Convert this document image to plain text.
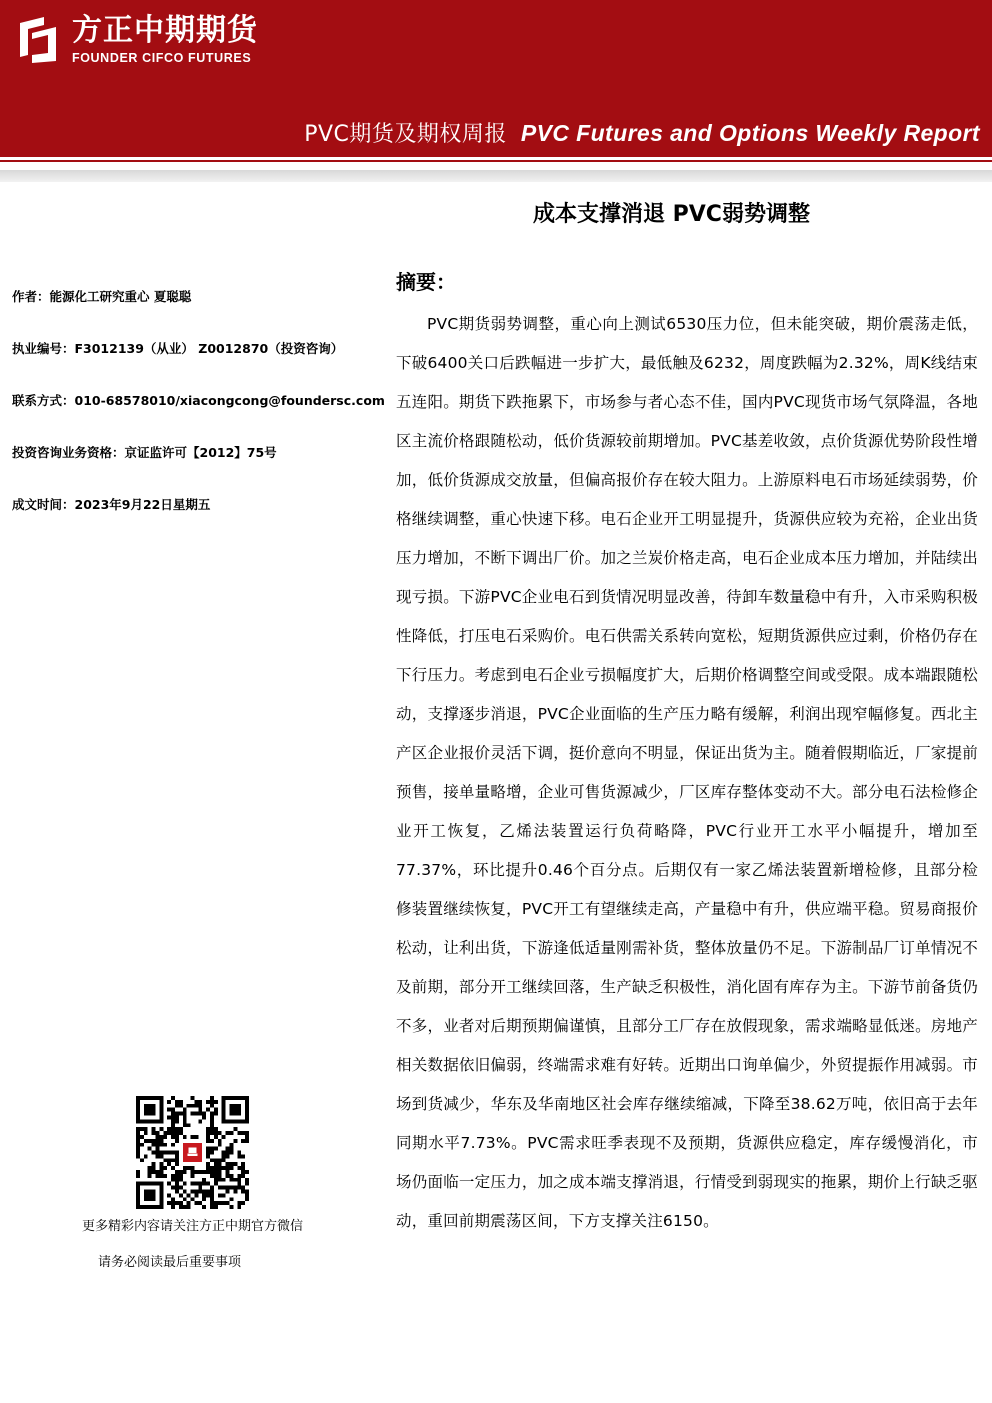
方正中期期货
FOUNDER CIFCO FUTURES
PVC期货及期权周报 PVC Futures and Options Weekly Report
成本支撑消退 PVC弱势调整
作者：能源化工研究重心 夏聪聪
执业编号：F3012139（从业） Z0012870（投资咨询）
联系方式：010-68578010/xiacongcong@foundersc.com
投资咨询业务资格：京证监许可【2012】75号
成文时间：2023年9月22日星期五
更多精彩内容请关注方正中期官方微信
请务必阅读最后重要事项
摘要：
PVC期货弱势调整，重心向上测试6530压力位，但未能突破，期价震荡走低，下破6400关口后跌幅进一步扩大，最低触及6232，周度跌幅为2.32%，周K线结束五连阳。期货下跌拖累下，市场参与者心态不佳，国内PVC现货市场气氛降温，各地区主流价格跟随松动，低价货源较前期增加。PVC基差收敛，点价货源优势阶段性增加，低价货源成交放量，但偏高报价存在较大阻力。上游原料电石市场延续弱势，价格继续调整，重心快速下移。电石企业开工明显提升，货源供应较为充裕，企业出货压力增加，不断下调出厂价。加之兰炭价格走高，电石企业成本压力增加，并陆续出现亏损。下游PVC企业电石到货情况明显改善，待卸车数量稳中有升，入市采购积极性降低，打压电石采购价。电石供需关系转向宽松，短期货源供应过剩，价格仍存在下行压力。考虑到电石企业亏损幅度扩大，后期价格调整空间或受限。成本端跟随松动，支撑逐步消退，PVC企业面临的生产压力略有缓解，利润出现窄幅修复。西北主产区企业报价灵活下调，挺价意向不明显，保证出货为主。随着假期临近，厂家提前预售，接单量略增，企业可售货源减少，厂区库存整体变动不大。部分电石法检修企业开工恢复，乙烯法装置运行负荷略降，PVC行业开工水平小幅提升，增加至77.37%，环比提升0.46个百分点。后期仅有一家乙烯法装置新增检修，且部分检修装置继续恢复，PVC开工有望继续走高，产量稳中有升，供应端平稳。贸易商报价松动，让利出货，下游逢低适量刚需补货，整体放量仍不足。下游制品厂订单情况不及前期，部分开工继续回落，生产缺乏积极性，消化固有库存为主。下游节前备货仍不多，业者对后期预期偏谨慎，且部分工厂存在放假现象，需求端略显低迷。房地产相关数据依旧偏弱，终端需求难有好转。近期出口询单偏少，外贸提振作用减弱。市场到货减少，华东及华南地区社会库存继续缩减，下降至38.62万吨，依旧高于去年同期水平7.73%。PVC需求旺季表现不及预期，货源供应稳定，库存缓慢消化，市场仍面临一定压力，加之成本端支撑消退，行情受到弱现实的拖累，期价上行缺乏驱动，重回前期震荡区间，下方支撑关注6150。
